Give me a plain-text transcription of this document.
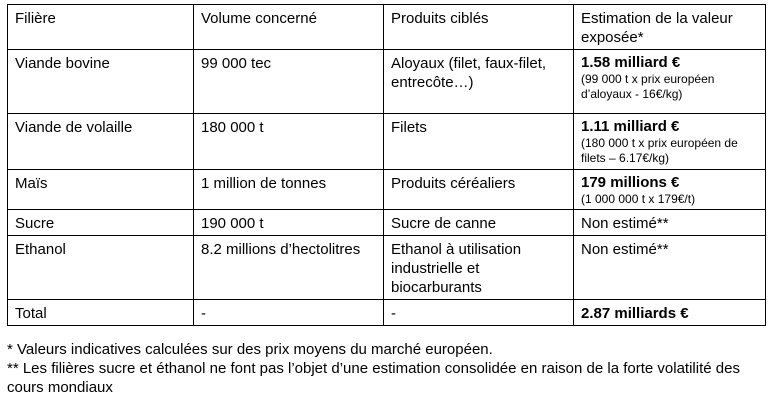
Filière	Volume concerné	Produits ciblés	Estimation de la valeur exposée*
Viande bovine	99 000 tec	Aloyaux (filet, faux-filet, entrecôte…)	1.58 milliard €
(99 000 t x prix européen d’aloyaux - 16€/kg)

Viande de volaille	180 000 t	Filets	1.11 milliard €
(180 000 t x prix européen de filets – 6.17€/kg)

Maïs	1 million de tonnes	Produits céréaliers	179 millions €
(1 000 000 t x 179€/t)

Sucre	190 000 t	Sucre de canne	Non estimé**
Ethanol	8.2 millions d’hectolitres	Ethanol à utilisation industrielle et biocarburants	Non estimé**
Total	-	-	2.87 milliards €
* Valeurs indicatives calculées sur des prix moyens du marché européen.
** Les filières sucre et éthanol ne font pas l’objet d’une estimation consolidée en raison de la forte volatilité des cours mondiaux
